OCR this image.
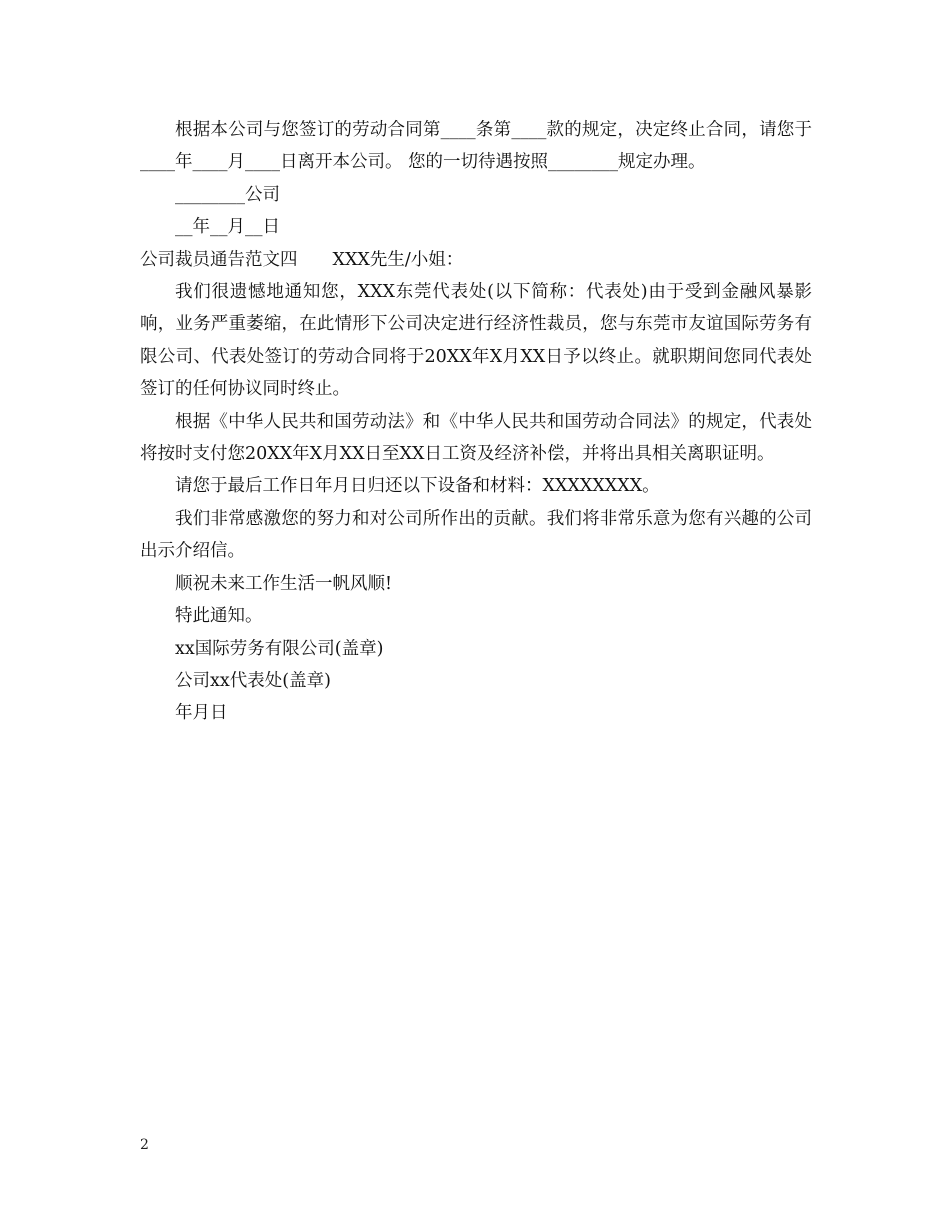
根据本公司与您签订的劳动合同第____条第____款的规定，决定终止合同，请您于____年____月____日离开本公司。 您的一切待遇按照________规定办理。

________公司

__年__月__日

公司裁员通告范文四　　XXX先生/小姐：

我们很遗憾地通知您，XXX东莞代表处(以下简称：代表处)由于受到金融风暴影响，业务严重萎缩，在此情形下公司决定进行经济性裁员，您与东莞市友谊国际劳务有限公司、代表处签订的劳动合同将于20XX年X月XX日予以终止。就职期间您同代表处签订的任何协议同时终止。

根据《中华人民共和国劳动法》和《中华人民共和国劳动合同法》的规定，代表处将按时支付您20XX年X月XX日至XX日工资及经济补偿，并将出具相关离职证明。

请您于最后工作日年月日归还以下设备和材料：XXXXXXXX。

我们非常感激您的努力和对公司所作出的贡献。我们将非常乐意为您有兴趣的公司出示介绍信。

顺祝未来工作生活一帆风顺!

特此通知。

xx国际劳务有限公司(盖章)

公司xx代表处(盖章)

年月日

2
